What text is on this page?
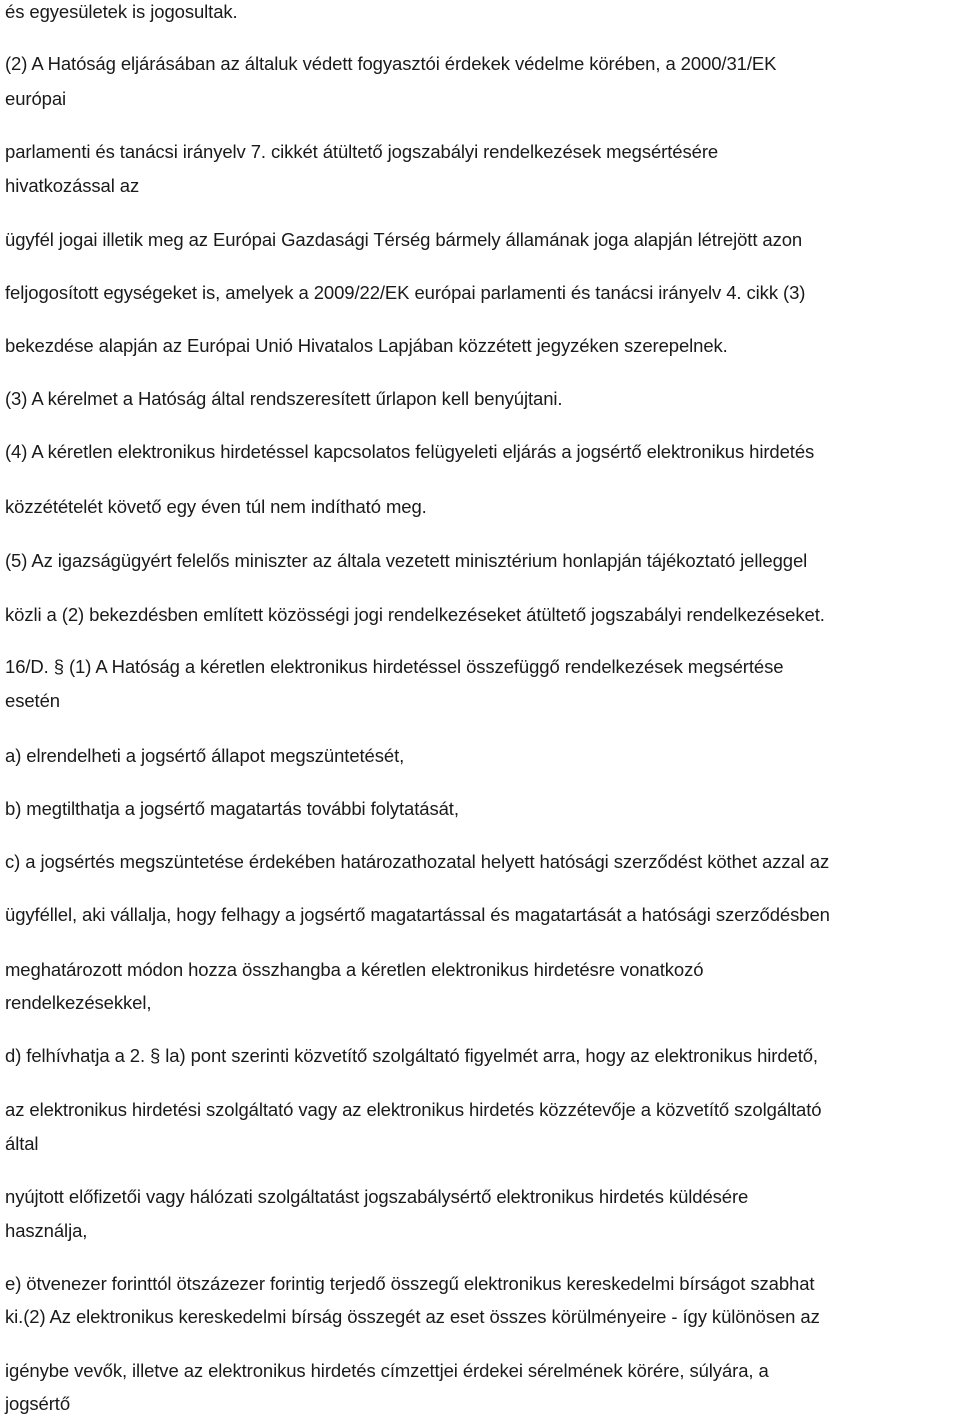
és egyesületek is jogosultak.
(2) A Hatóság eljárásában az általuk védett fogyasztói érdekek védelme körében, a 2000/31/EK
európai
parlamenti és tanácsi irányelv 7. cikkét átültető jogszabályi rendelkezések megsértésére
hivatkozással az
ügyfél jogai illetik meg az Európai Gazdasági Térség bármely államának joga alapján létrejött azon
feljogosított egységeket is, amelyek a 2009/22/EK európai parlamenti és tanácsi irányelv 4. cikk (3)
bekezdése alapján az Európai Unió Hivatalos Lapjában közzétett jegyzéken szerepelnek.
(3) A kérelmet a Hatóság által rendszeresített űrlapon kell benyújtani.
(4) A kéretlen elektronikus hirdetéssel kapcsolatos felügyeleti eljárás a jogsértő elektronikus hirdetés
közzétételét követő egy éven túl nem indítható meg.
(5) Az igazságügyért felelős miniszter az általa vezetett minisztérium honlapján tájékoztató jelleggel
közli a (2) bekezdésben említett közösségi jogi rendelkezéseket átültető jogszabályi rendelkezéseket.
16/D. § (1) A Hatóság a kéretlen elektronikus hirdetéssel összefüggő rendelkezések megsértése
esetén
a) elrendelheti a jogsértő állapot megszüntetését,
b) megtilthatja a jogsértő magatartás további folytatását,
c) a jogsértés megszüntetése érdekében határozathozatal helyett hatósági szerződést köthet azzal az
ügyféllel, aki vállalja, hogy felhagy a jogsértő magatartással és magatartását a hatósági szerződésben
meghatározott módon hozza összhangba a kéretlen elektronikus hirdetésre vonatkozó
rendelkezésekkel,
d) felhívhatja a 2. § la) pont szerinti közvetítő szolgáltató figyelmét arra, hogy az elektronikus hirdető,
az elektronikus hirdetési szolgáltató vagy az elektronikus hirdetés közzétevője a közvetítő szolgáltató
által
nyújtott előfizetői vagy hálózati szolgáltatást jogszabálysértő elektronikus hirdetés küldésére
használja,
e) ötvenezer forinttól ötszázezer forintig terjedő összegű elektronikus kereskedelmi bírságot szabhat
ki.(2) Az elektronikus kereskedelmi bírság összegét az eset összes körülményeire - így különösen az
igénybe vevők, illetve az elektronikus hirdetés címzettjei érdekei sérelmének körére, súlyára, a
jogsértő
